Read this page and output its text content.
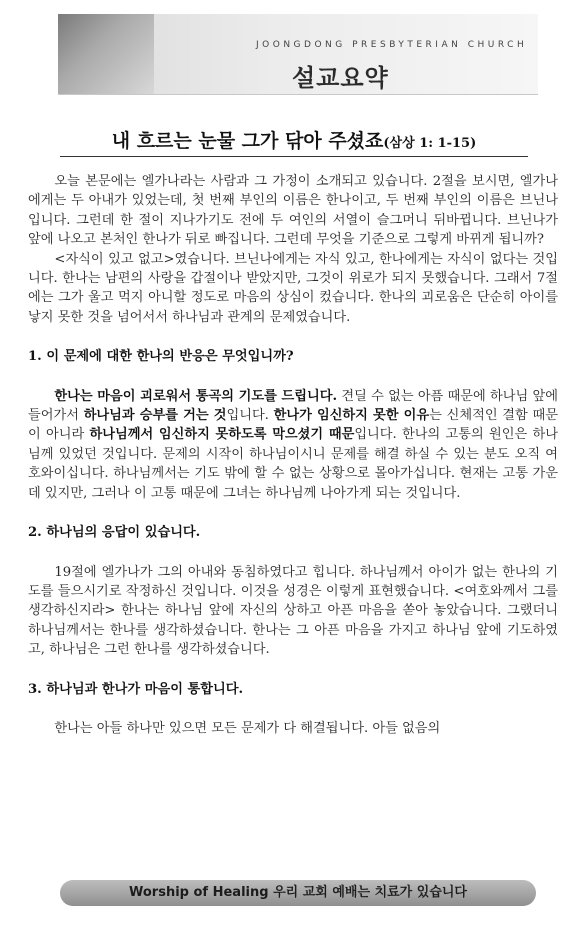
JOONGDONG PRESBYTERIAN CHURCH
설교요약
내 흐르는 눈물 그가 닦아 주셨죠(삼상 1: 1-15)

오늘 본문에는 엘가나라는 사람과 그 가정이 소개되고 있습니다. 2절을 보시면, 엘가나에게는 두 아내가 있었는데, 첫 번째 부인의 이름은 한나이고, 두 번째 부인의 이름은 브닌나입니다. 그런데 한 절이 지나가기도 전에 두 여인의 서열이 슬그머니 뒤바뀝니다. 브닌나가 앞에 나오고 본처인 한나가 뒤로 빠집니다. 그런데 무엇을 기준으로 그렇게 바뀌게 됩니까?

<자식이 있고 없고>였습니다. 브닌나에게는 자식 있고, 한나에게는 자식이 없다는 것입니다. 한나는 남편의 사랑을 갑절이나 받았지만, 그것이 위로가 되지 못했습니다. 그래서 7절에는 그가 울고 먹지 아니할 정도로 마음의 상심이 컸습니다. 한나의 괴로움은 단순히 아이를 낳지 못한 것을 넘어서서 하나님과 관계의 문제였습니다.

1. 이 문제에 대한 한나의 반응은 무엇입니까?

한나는 마음이 괴로워서 통곡의 기도를 드립니다. 견딜 수 없는 아픔 때문에 하나님 앞에 들어가서 하나님과 승부를 거는 것입니다. 한나가 임신하지 못한 이유는 신체적인 결함 때문이 아니라 하나님께서 임신하지 못하도록 막으셨기 때문입니다. 한나의 고통의 원인은 하나님께 있었던 것입니다. 문제의 시작이 하나님이시니 문제를 해결 하실 수 있는 분도 오직 여호와이십니다. 하나님께서는 기도 밖에 할 수 없는 상황으로 몰아가십니다. 현재는 고통 가운데 있지만, 그러나 이 고통 때문에 그녀는 하나님께 나아가게 되는 것입니다.

2. 하나님의 응답이 있습니다.

19절에 엘가나가 그의 아내와 동침하였다고 힙니다. 하나님께서 아이가 없는 한나의 기도를 들으시기로 작정하신 것입니다. 이것을 성경은 이렇게 표현했습니다. <여호와께서 그를 생각하신지라> 한나는 하나님 앞에 자신의 상하고 아픈 마음을 쏟아 놓았습니다. 그랬더니 하나님께서는 한나를 생각하셨습니다. 한나는 그 아픈 마음을 가지고 하나님 앞에 기도하였고, 하나님은 그런 한나를 생각하셨습니다.

3. 하나님과 한나가 마음이 통합니다.

한나는 아들 하나만 있으면 모든 문제가 다 해결됩니다. 아들 없음의

Worship of Healing 우리 교회 예배는 치료가 있습니다
